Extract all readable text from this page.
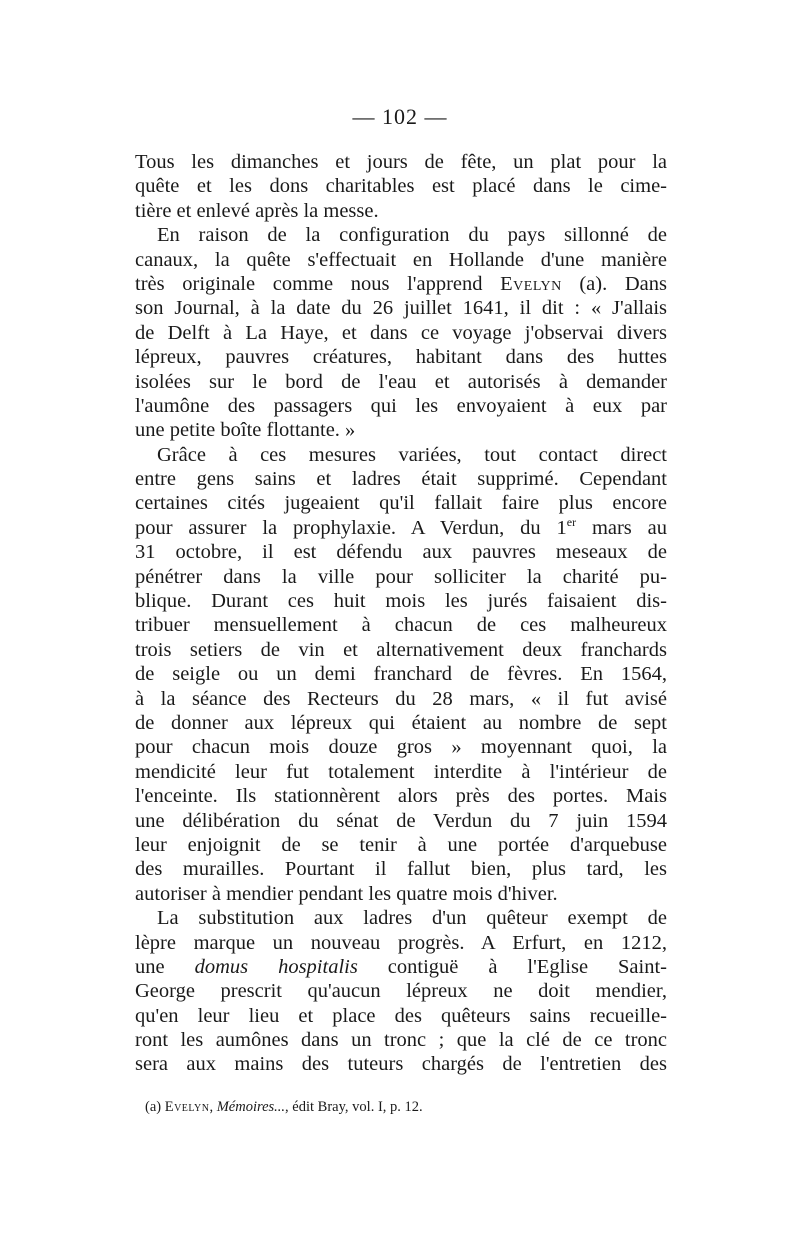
— 102 —
Tous les dimanches et jours de fête, un plat pour la
quête et les dons charitables est placé dans le cime-
tière et enlevé après la messe.
En raison de la configuration du pays sillonné de
canaux, la quête s'effectuait en Hollande d'une manière
très originale comme nous l'apprend Evelyn (a). Dans
son Journal, à la date du 26 juillet 1641, il dit : « J'allais
de Delft à La Haye, et dans ce voyage j'observai divers
lépreux, pauvres créatures, habitant dans des huttes
isolées sur le bord de l'eau et autorisés à demander
l'aumône des passagers qui les envoyaient à eux par
une petite boîte flottante. »
Grâce à ces mesures variées, tout contact direct
entre gens sains et ladres était supprimé. Cependant
certaines cités jugeaient qu'il fallait faire plus encore
pour assurer la prophylaxie. A Verdun, du 1er mars au
31 octobre, il est défendu aux pauvres meseaux de
pénétrer dans la ville pour solliciter la charité pu-
blique. Durant ces huit mois les jurés faisaient dis-
tribuer mensuellement à chacun de ces malheureux
trois setiers de vin et alternativement deux franchards
de seigle ou un demi franchard de fèvres. En 1564,
à la séance des Recteurs du 28 mars, « il fut avisé
de donner aux lépreux qui étaient au nombre de sept
pour chacun mois douze gros » moyennant quoi, la
mendicité leur fut totalement interdite à l'intérieur de
l'enceinte. Ils stationnèrent alors près des portes. Mais
une délibération du sénat de Verdun du 7 juin 1594
leur enjoignit de se tenir à une portée d'arquebuse
des murailles. Pourtant il fallut bien, plus tard, les
autoriser à mendier pendant les quatre mois d'hiver.
La substitution aux ladres d'un quêteur exempt de
lèpre marque un nouveau progrès. A Erfurt, en 1212,
une domus hospitalis contiguë à l'Eglise Saint-
George prescrit qu'aucun lépreux ne doit mendier,
qu'en leur lieu et place des quêteurs sains recueille-
ront les aumônes dans un tronc ; que la clé de ce tronc
sera aux mains des tuteurs chargés de l'entretien des
(a) Evelyn, Mémoires..., édit Bray, vol. I, p. 12.
